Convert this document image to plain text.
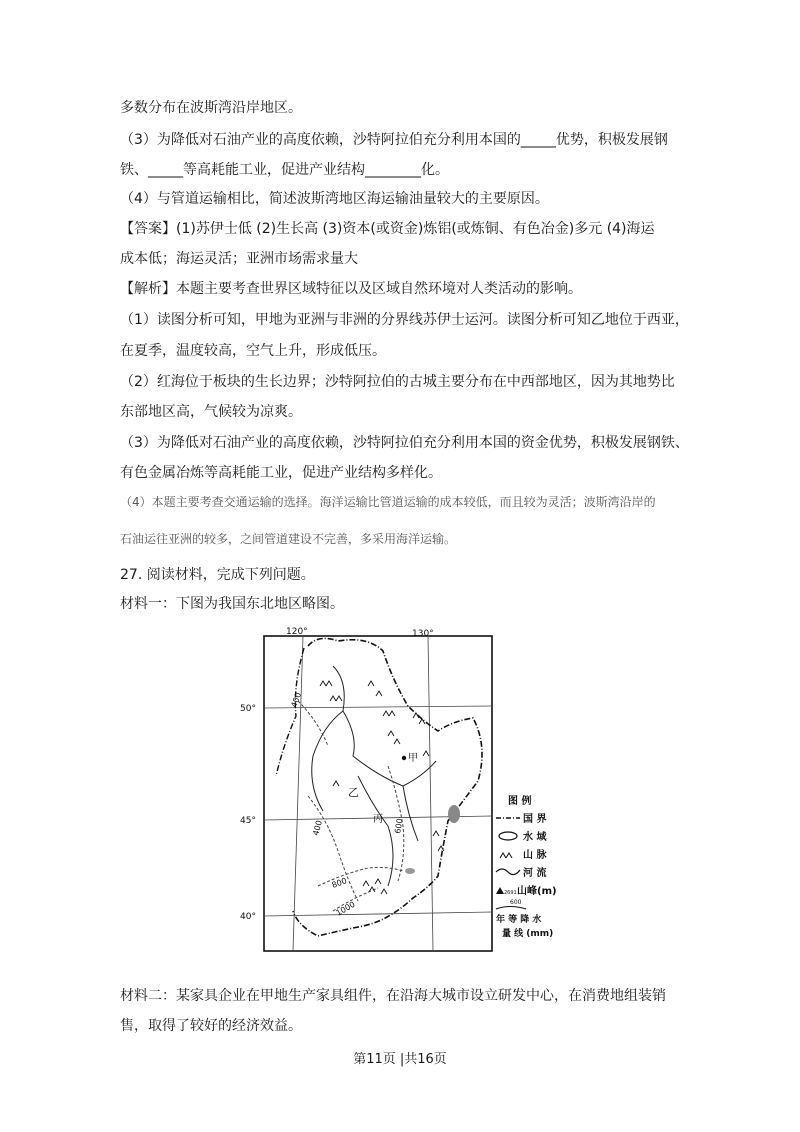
多数分布在波斯湾沿岸地区。
（3）为降低对石油产业的高度依赖，沙特阿拉伯充分利用本国的_____优势，积极发展钢
铁、_____等高耗能工业，促进产业结构________化。
（4）与管道运输相比，简述波斯湾地区海运输油量较大的主要原因。
【答案】(1)苏伊士低 (2)生长高 (3)资本(或资金)炼铝(或炼铜、有色冶金)多元 (4)海运
成本低；海运灵活；亚洲市场需求量大
【解析】本题主要考查世界区域特征以及区域自然环境对人类活动的影响。
（1）读图分析可知，甲地为亚洲与非洲的分界线苏伊士运河。读图分析可知乙地位于西亚，
在夏季，温度较高，空气上升，形成低压。
（2）红海位于板块的生长边界；沙特阿拉伯的古城主要分布在中西部地区，因为其地势比
东部地区高，气候较为凉爽。
（3）为降低对石油产业的高度依赖，沙特阿拉伯充分利用本国的资金优势，积极发展钢铁、
有色金属冶炼等高耗能工业，促进产业结构多样化。
（4）本题主要考查交通运输的选择。海洋运输比管道运输的成本较低，而且较为灵活；波斯湾沿岸的
石油运往亚洲的较多，之间管道建设不完善，多采用海洋运输。
27. 阅读材料，完成下列问题。
材料一：下图为我国东北地区略图。
甲
乙
丙
120°	130°
50°
45°
40°
400
400	600
800
1000
图 例
国 界
水 域
山 脉
河 流
2691 山峰(m)
600
年 等 降 水
量 线 (mm)
材料二：某家具企业在甲地生产家具组件，在沿海大城市设立研发中心，在消费地组装销
售，取得了较好的经济效益。
第11页 |共16页
